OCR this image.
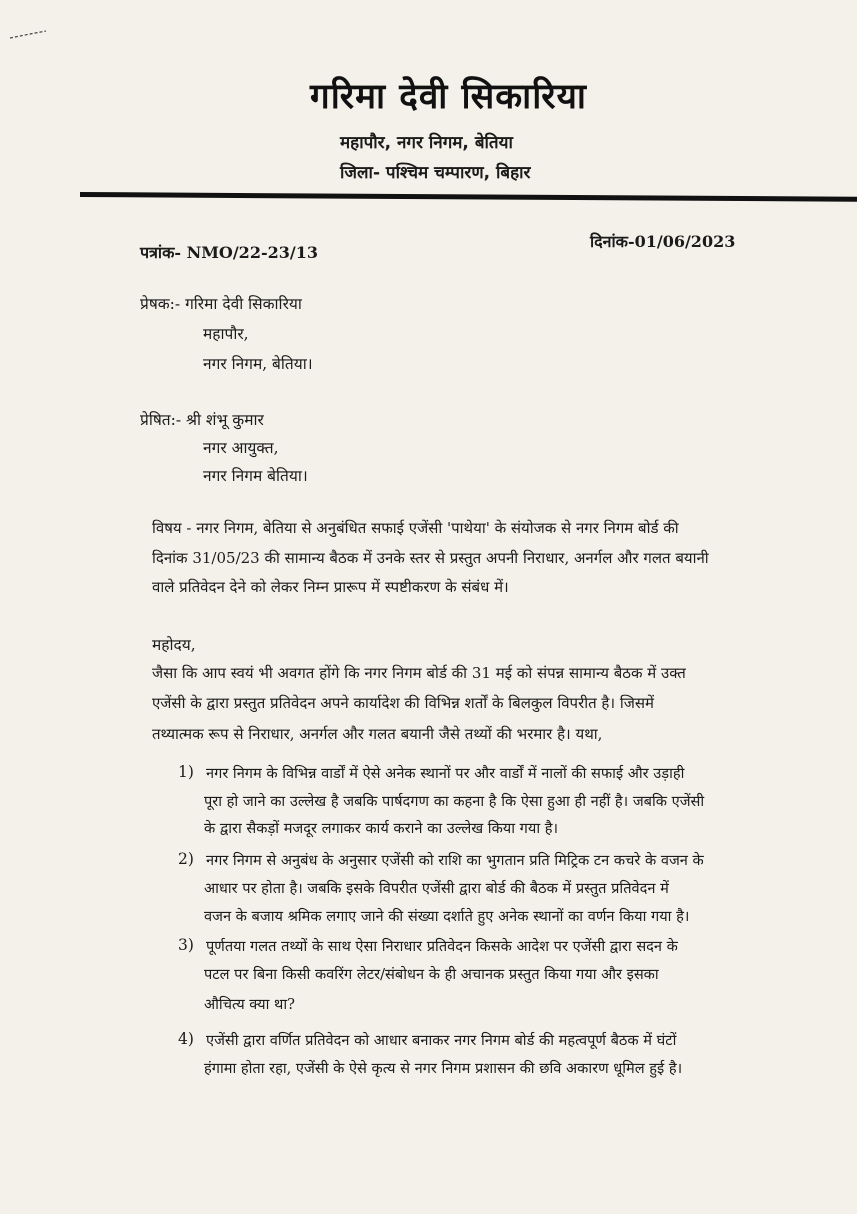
गरिमा देवी सिकारिया
महापौर, नगर निगम, बेतिया
जिला- पश्चिम चम्पारण, बिहार
पत्रांक- NMO/22-23/13
दिनांक-01/06/2023
प्रेषक:- गरिमा देवी सिकारिया
महापौर,
नगर निगम, बेतिया।
प्रेषित:- श्री शंभू कुमार
नगर आयुक्त,
नगर निगम बेतिया।
विषय - नगर निगम, बेतिया से अनुबंधित सफाई एजेंसी 'पाथेया' के संयोजक से नगर निगम बोर्ड की
दिनांक 31/05/23 की सामान्य बैठक में उनके स्तर से प्रस्तुत अपनी निराधार, अनर्गल और गलत बयानी
वाले प्रतिवेदन देने को लेकर निम्न प्रारूप में स्पष्टीकरण के संबंध में।
महोदय,
जैसा कि आप स्वयं भी अवगत होंगे कि नगर निगम बोर्ड की 31 मई को संपन्न सामान्य बैठक में उक्त
एजेंसी के द्वारा प्रस्तुत प्रतिवेदन अपने कार्यादेश की विभिन्न शर्तों के बिलकुल विपरीत है। जिसमें
तथ्यात्मक रूप से निराधार, अनर्गल और गलत बयानी जैसे तथ्यों की भरमार है। यथा,
1) नगर निगम के विभिन्न वार्डों में ऐसे अनेक स्थानों पर और वार्डों में नालों की सफाई और उड़ाही
पूरा हो जाने का उल्लेख है जबकि पार्षदगण का कहना है कि ऐसा हुआ ही नहीं है। जबकि एजेंसी
के द्वारा सैकड़ों मजदूर लगाकर कार्य कराने का उल्लेख किया गया है।
2) नगर निगम से अनुबंध के अनुसार एजेंसी को राशि का भुगतान प्रति मिट्रिक टन कचरे के वजन के
आधार पर होता है। जबकि इसके विपरीत एजेंसी द्वारा बोर्ड की बैठक में प्रस्तुत प्रतिवेदन में
वजन के बजाय श्रमिक लगाए जाने की संख्या दर्शाते हुए अनेक स्थानों का वर्णन किया गया है।
3) पूर्णतया गलत तथ्यों के साथ ऐसा निराधार प्रतिवेदन किसके आदेश पर एजेंसी द्वारा सदन के
पटल पर बिना किसी कवरिंग लेटर/संबोधन के ही अचानक प्रस्तुत किया गया और इसका
औचित्य क्या था?
4) एजेंसी द्वारा वर्णित प्रतिवेदन को आधार बनाकर नगर निगम बोर्ड की महत्वपूर्ण बैठक में घंटों
हंगामा होता रहा, एजेंसी के ऐसे कृत्य से नगर निगम प्रशासन की छवि अकारण धूमिल हुई है।
